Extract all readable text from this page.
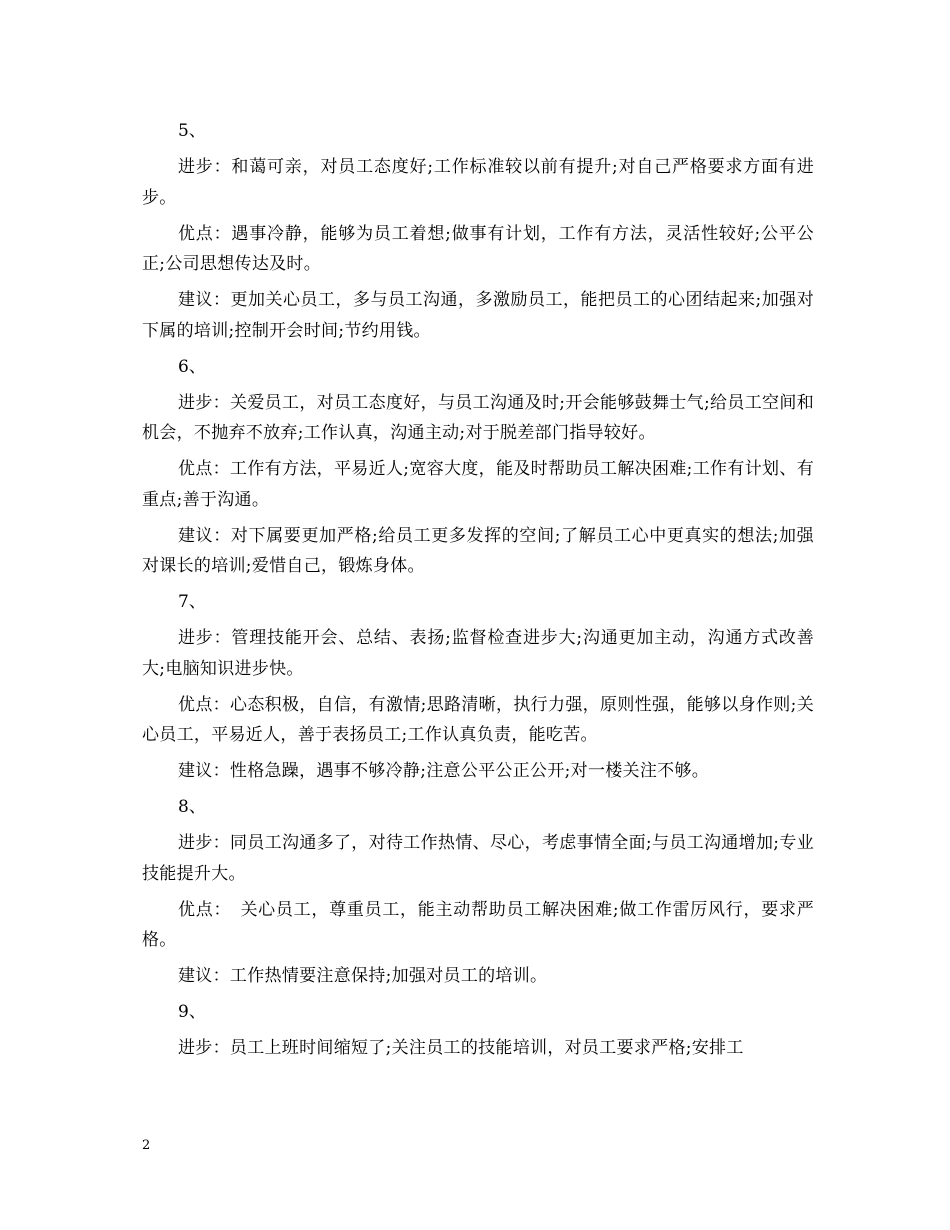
5、

进步：和蔼可亲，对员工态度好;工作标准较以前有提升;对自己严格要求方面有进步。

优点：遇事冷静，能够为员工着想;做事有计划，工作有方法，灵活性较好;公平公正;公司思想传达及时。

建议：更加关心员工，多与员工沟通，多激励员工，能把员工的心团结起来;加强对下属的培训;控制开会时间;节约用钱。

6、

进步：关爱员工，对员工态度好，与员工沟通及时;开会能够鼓舞士气;给员工空间和机会，不抛弃不放弃;工作认真，沟通主动;对于脱差部门指导较好。

优点：工作有方法，平易近人;宽容大度，能及时帮助员工解决困难;工作有计划、有重点;善于沟通。

建议：对下属要更加严格;给员工更多发挥的空间;了解员工心中更真实的想法;加强对课长的培训;爱惜自己，锻炼身体。

7、

进步：管理技能开会、总结、表扬;监督检查进步大;沟通更加主动，沟通方式改善大;电脑知识进步快。

优点：心态积极，自信，有激情;思路清晰，执行力强，原则性强，能够以身作则;关心员工，平易近人，善于表扬员工;工作认真负责，能吃苦。

建议：性格急躁，遇事不够冷静;注意公平公正公开;对一楼关注不够。

8、

进步：同员工沟通多了，对待工作热情、尽心，考虑事情全面;与员工沟通增加;专业技能提升大。

优点：　关心员工，尊重员工，能主动帮助员工解决困难;做工作雷厉风行，要求严格。

建议：工作热情要注意保持;加强对员工的培训。

9、

进步：员工上班时间缩短了;关注员工的技能培训，对员工要求严格;安排工

2
